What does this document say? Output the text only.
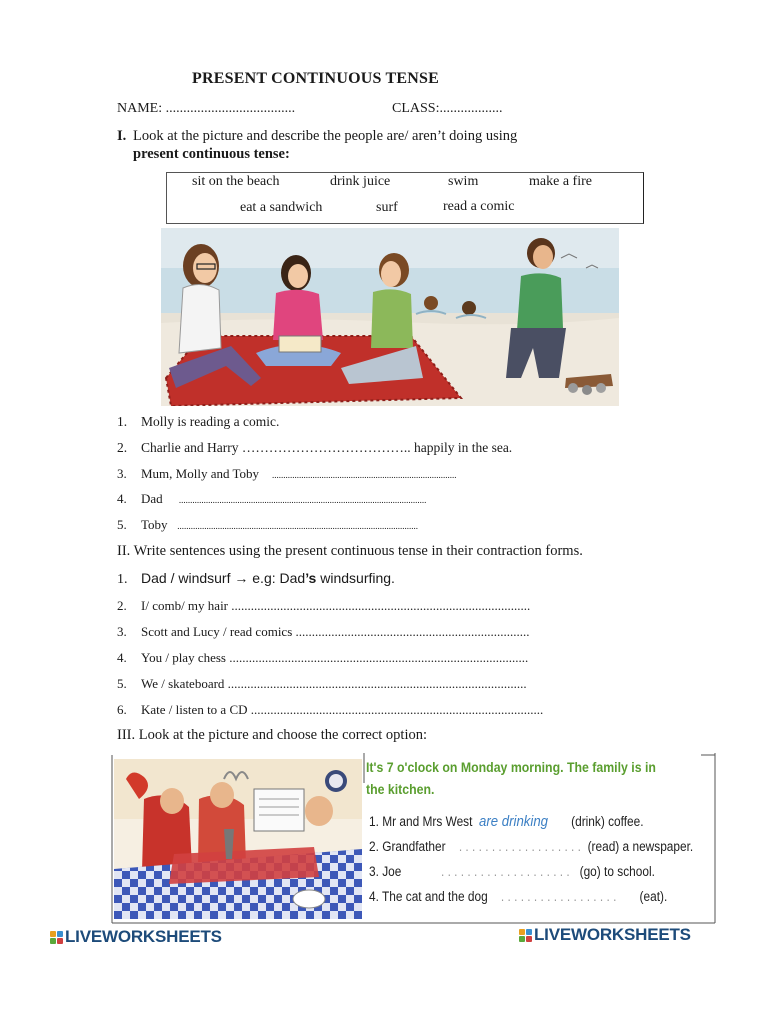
PRESENT CONTINUOUS TENSE
NAME: .....................................	CLASS:..................
I. Look at the picture and describe the people are/ aren’t doing using
present continuous tense:
sit on the beach	drink juice	swim	make a fire
eat a sandwich	surf	read a comic
1. Molly is reading a comic.
2. Charlie and Harry ……………………………….. happily in the sea.
3. Mum, Molly and Toby ..................................................................................
4. Dad ..............................................................................................................
5. Toby ...........................................................................................................
II. Write sentences using the present continuous tense in their contraction forms.
1. Dad / windsurf → e.g: Dad’s windsurfing.
2. I/ comb/ my hair ............................................................................................
3. Scott and Lucy / read comics ........................................................................
4. You / play chess ............................................................................................
5. We / skateboard ............................................................................................
6. Kate / listen to a CD ..........................................................................................
III. Look at the picture and choose the correct option:
It's 7 o'clock on Monday morning. The family is in
the kitchen.
1. Mr and Mrs West are drinking (drink) coffee.
2. Grandfather . . . . . . . . . . . . . . . . . . . (read) a newspaper.
3. Joe	. . . . . . . . . . . . . . . . . . . . (go) to school.
4. The cat and the dog . . . . . . . . . . . . . . . . . . (eat).
LIVEWORKSHEETS	LIVEWORKSHEETS
